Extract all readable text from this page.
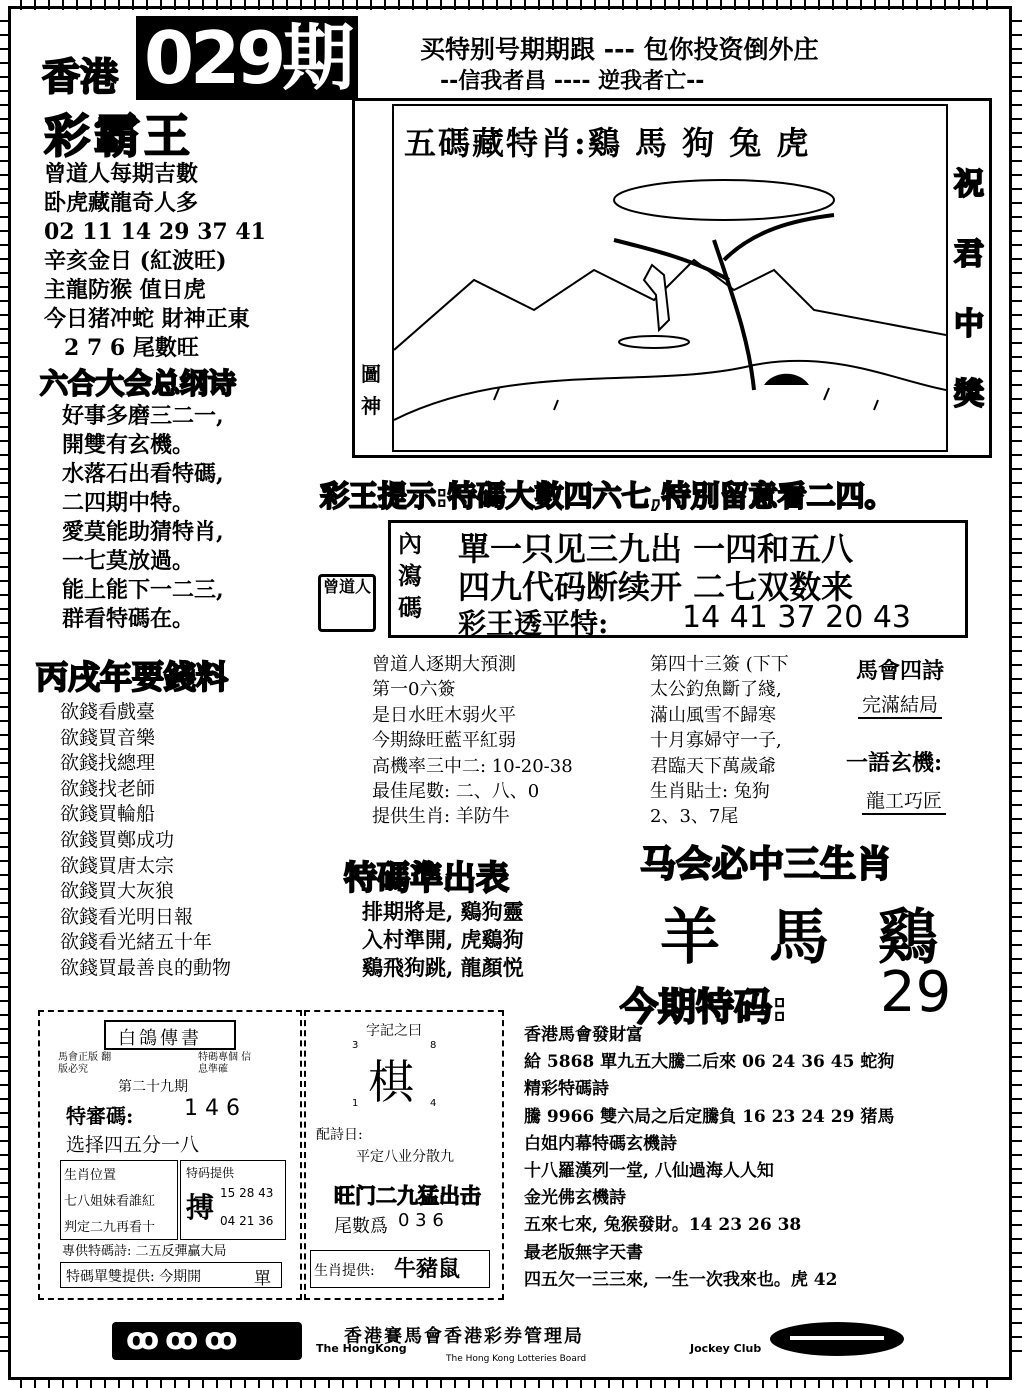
香港 029期
彩霸王
买特别号期期跟 --- 包你投资倒外庄
--信我者昌 ---- 逆我者亡--
曾道人每期吉數
卧虎藏龍奇人多
02 11 14 29 37 41
辛亥金日 (紅波旺)
主龍防猴 值日虎
今日猪冲蛇 財神正東
2 7 6 尾數旺
六合大会总纲诗
好事多磨三二一,
開雙有玄機。
水落石出看特碼,
二四期中特。
愛莫能助猜特肖,
一七莫放過。
能上能下一二三,
群看特碼在。
五碼藏特肖:鷄 馬 狗 兔 虎
圖神
祝君中獎
彩王提示:特碼大數四六七,特別留意看二四。
內瀉碼
曾道人
單一只见三九出 一四和五八
四九代码断续开 二七双数来
彩王透平特: 14 41 37 20 43
丙戌年要錢料
欲錢看戲臺
欲錢買音樂
欲錢找總理
欲錢找老師
欲錢買輪船
欲錢買鄭成功
欲錢買唐太宗
欲錢買大灰狼
欲錢看光明日報
欲錢看光緒五十年
欲錢買最善良的動物
曾道人逐期大預測
第一0六簽
是日水旺木弱火平
今期綠旺藍平紅弱
高機率三中二: 10-20-38
最佳尾數: 二、八、0
提供生肖: 羊防牛
第四十三簽 (下下
太公釣魚斷了綫,
滿山風雪不歸寒
十月寡婦守一子,
君臨天下萬歲爺
生肖貼士: 兔狗
2、3、7尾
馬會四詩
完滿結局
一語玄機:
龍工巧匠
特碼準出表
排期將是, 鷄狗靈
入村準開, 虎鷄狗
鷄飛狗跳, 龍顏悦
马会必中三生肖
羊 馬 鷄
今期特码: 29
白鴿傳書
馬會正版 翻版必究
特碼專個 信息準確
第二十九期
特審碼: 1 4 6
选择四五分一八
生肖位置
七八姐妹看誰紅
判定二九再看十
特码提供
搏 15 28 43
04 21 36
專供特碼詩: 二五反彈贏大局
特碼單雙提供: 今期開	單
字記之曰
3	8
棋
1	4
配詩日:
平定八业分散九
旺门二九猛出击
尾數爲 0 3 6
生肖提供: 牛豬鼠
香港馬會發財富
給 5868 單九五大騰二后來 06 24 36 45 蛇狗
精彩特碼詩
騰 9966 雙六局之后定騰負 16 23 24 29 猪馬
白姐内幕特碼玄機詩
十八羅漢列一堂, 八仙過海人人知
金光佛玄機詩
五來七來, 兔猴發財。14 23 26 38
最老版無字天書
四五欠一三三來, 一生一次我來也。虎 42
ꝏꝏꝏ	香港賽馬會香港彩券管理局
The HongKong	Jockey Club
The Hong Kong Lotteries Board
